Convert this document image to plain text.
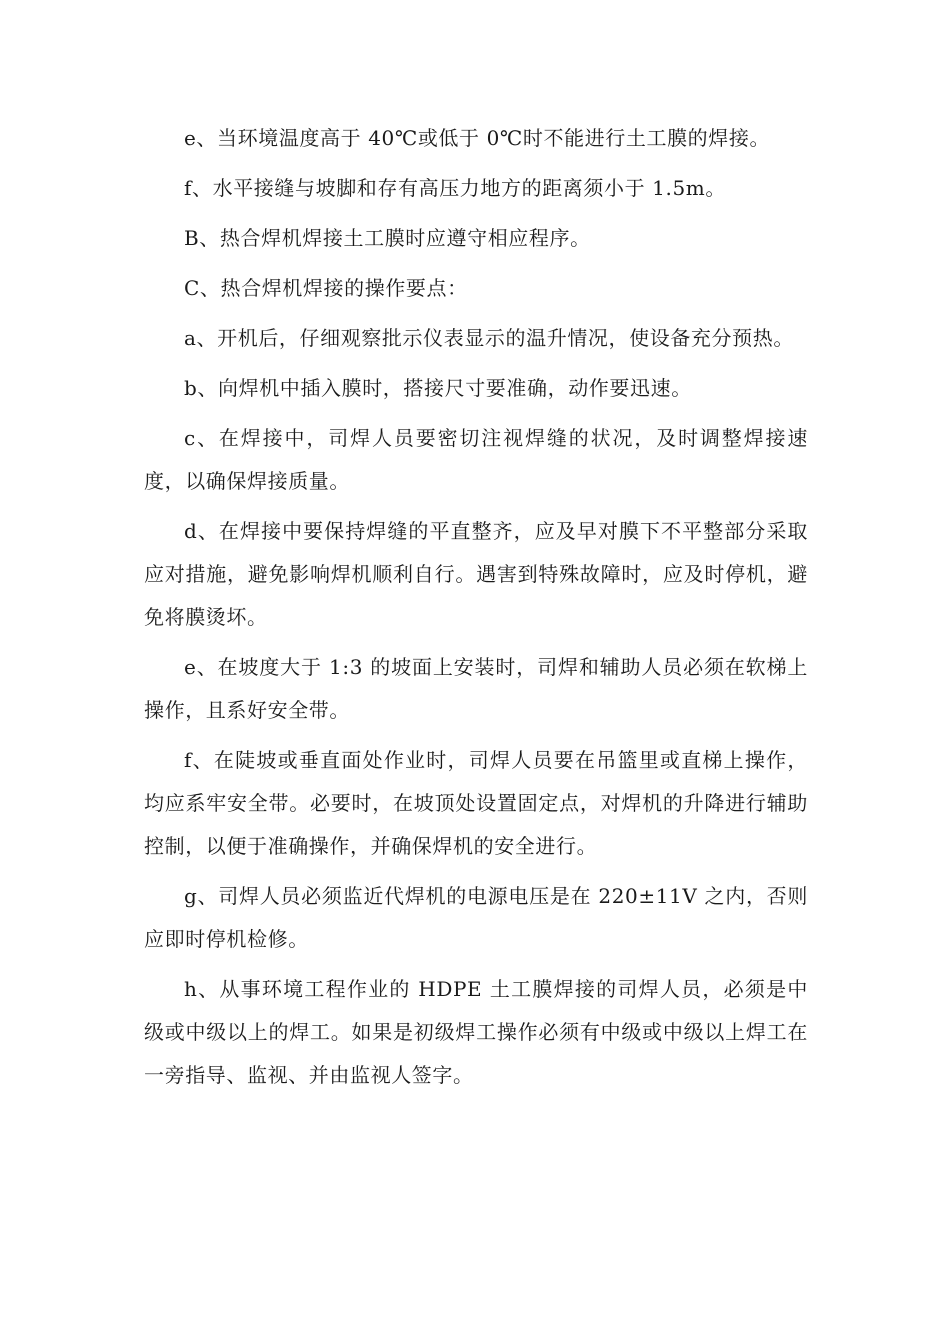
e、当环境温度高于 40℃或低于 0℃时不能进行土工膜的焊接。

f、水平接缝与坡脚和存有高压力地方的距离须小于 1.5m。

B、热合焊机焊接土工膜时应遵守相应程序。

C、热合焊机焊接的操作要点：

a、开机后，仔细观察批示仪表显示的温升情况，使设备充分预热。

b、向焊机中插入膜时，搭接尺寸要准确，动作要迅速。

c、在焊接中，司焊人员要密切注视焊缝的状况，及时调整焊接速度，以确保焊接质量。

d、在焊接中要保持焊缝的平直整齐，应及早对膜下不平整部分采取应对措施，避免影响焊机顺利自行。遇害到特殊故障时，应及时停机，避免将膜烫坏。

e、在坡度大于 1:3 的坡面上安装时，司焊和辅助人员必须在软梯上操作，且系好安全带。

f、在陡坡或垂直面处作业时，司焊人员要在吊篮里或直梯上操作，均应系牢安全带。必要时，在坡顶处设置固定点，对焊机的升降进行辅助控制，以便于准确操作，并确保焊机的安全进行。

g、司焊人员必须监近代焊机的电源电压是在 220±11V 之内，否则应即时停机检修。

h、从事环境工程作业的 HDPE 土工膜焊接的司焊人员，必须是中级或中级以上的焊工。如果是初级焊工操作必须有中级或中级以上焊工在一旁指导、监视、并由监视人签字。
